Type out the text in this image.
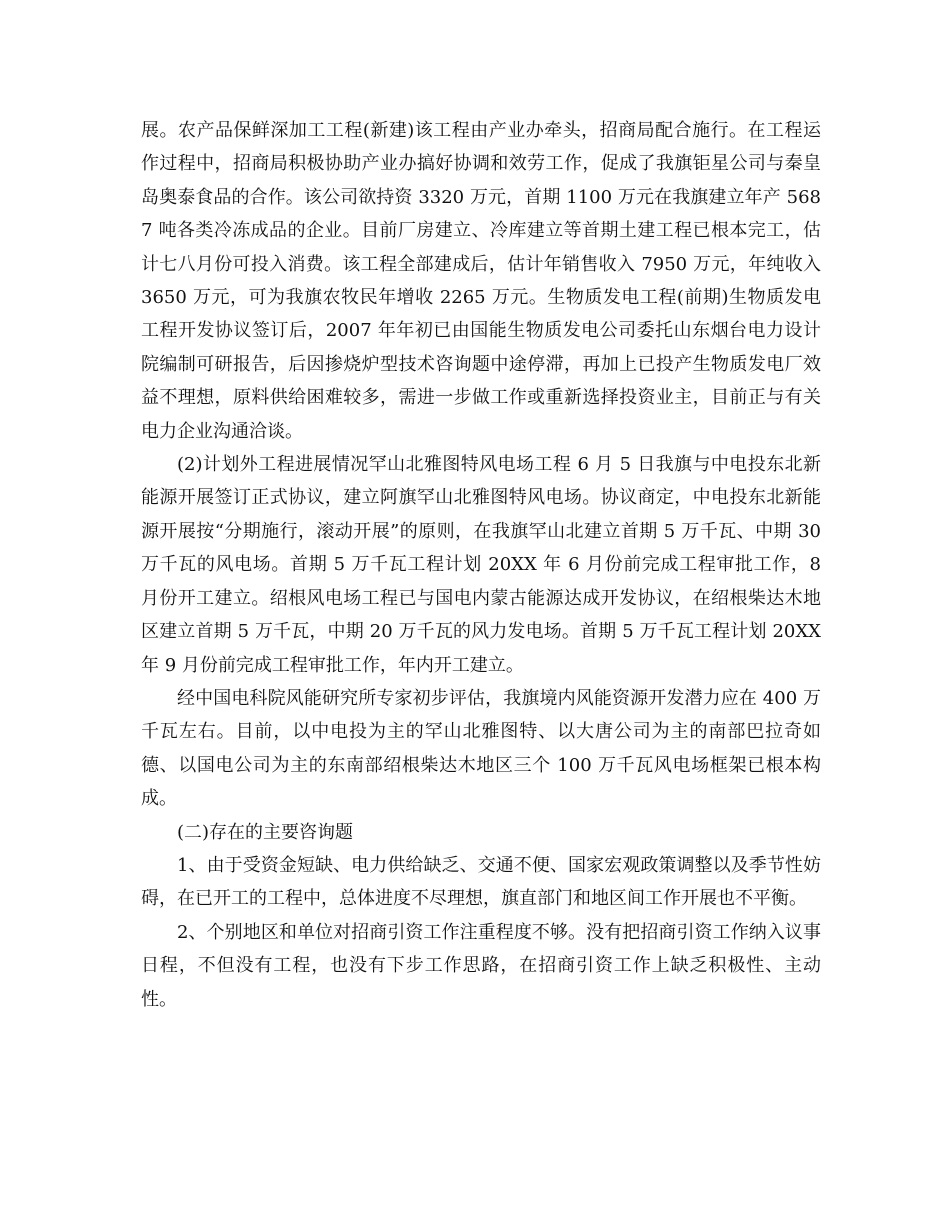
展。农产品保鲜深加工工程(新建)该工程由产业办牵头，招商局配合施行。在工程运作过程中，招商局积极协助产业办搞好协调和效劳工作，促成了我旗钜星公司与秦皇岛奥泰食品的合作。该公司欲持资 3320 万元，首期 1100 万元在我旗建立年产 5687 吨各类冷冻成品的企业。目前厂房建立、冷库建立等首期土建工程已根本完工，估计七八月份可投入消费。该工程全部建成后，估计年销售收入 7950 万元，年纯收入 3650 万元，可为我旗农牧民年增收 2265 万元。生物质发电工程(前期)生物质发电工程开发协议签订后，2007 年年初已由国能生物质发电公司委托山东烟台电力设计院编制可研报告，后因掺烧炉型技术咨询题中途停滞，再加上已投产生物质发电厂效益不理想，原料供给困难较多，需进一步做工作或重新选择投资业主，目前正与有关电力企业沟通洽谈。

(2)计划外工程进展情况罕山北雅图特风电场工程 6 月 5 日我旗与中电投东北新能源开展签订正式协议，建立阿旗罕山北雅图特风电场。协议商定，中电投东北新能源开展按“分期施行，滚动开展”的原则，在我旗罕山北建立首期 5 万千瓦、中期 30 万千瓦的风电场。首期 5 万千瓦工程计划 20XX 年 6 月份前完成工程审批工作，8 月份开工建立。绍根风电场工程已与国电内蒙古能源达成开发协议，在绍根柴达木地区建立首期 5 万千瓦，中期 20 万千瓦的风力发电场。首期 5 万千瓦工程计划 20XX 年 9 月份前完成工程审批工作，年内开工建立。

经中国电科院风能研究所专家初步评估，我旗境内风能资源开发潜力应在 400 万千瓦左右。目前，以中电投为主的罕山北雅图特、以大唐公司为主的南部巴拉奇如德、以国电公司为主的东南部绍根柴达木地区三个 100 万千瓦风电场框架已根本构成。

(二)存在的主要咨询题

1、由于受资金短缺、电力供给缺乏、交通不便、国家宏观政策调整以及季节性妨碍，在已开工的工程中，总体进度不尽理想，旗直部门和地区间工作开展也不平衡。

2、个别地区和单位对招商引资工作注重程度不够。没有把招商引资工作纳入议事日程，不但没有工程，也没有下步工作思路，在招商引资工作上缺乏积极性、主动性。
